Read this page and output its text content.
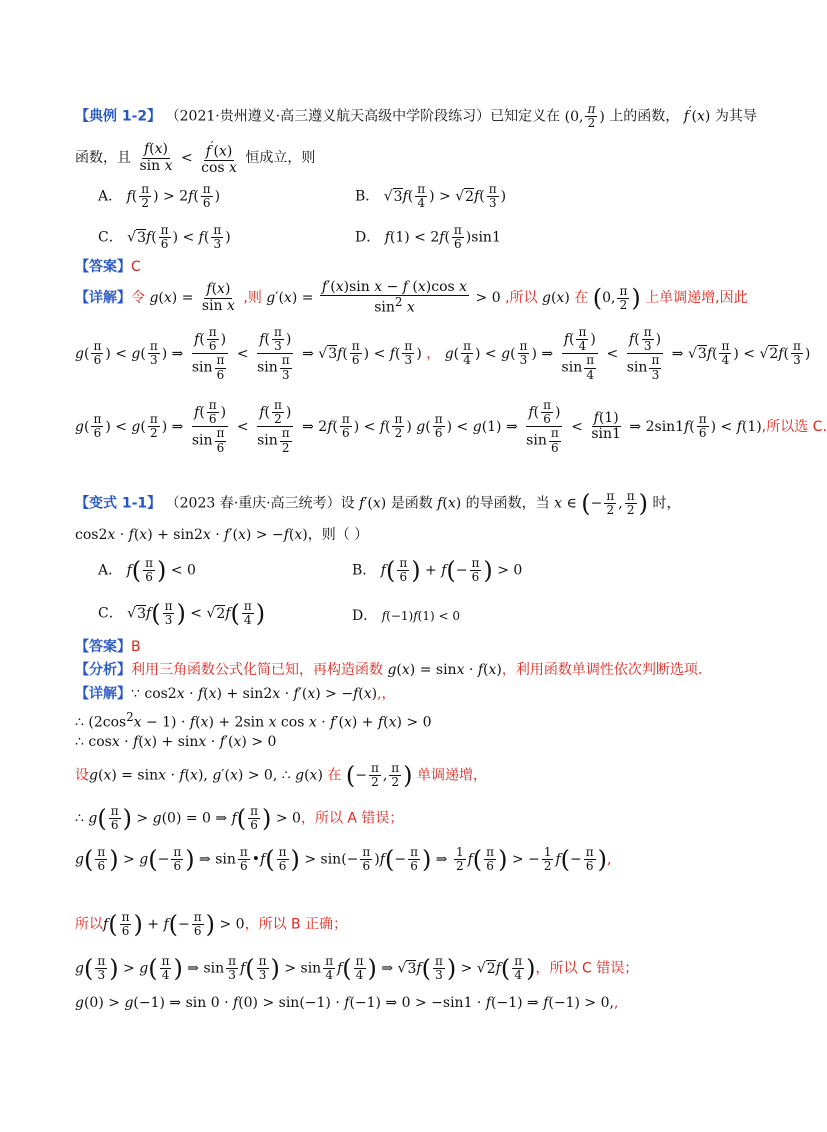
【典例 1-2】 （2021·贵州遵义·高三遵义航天高级中学阶段练习）已知定义在 (0, $\frac{\pi}{2}$ ) 上的函数， f′(x) 为其导
函数，且 $\frac{f(x)}{\text{sin x}} < \frac{f'(x)}{\text{cos x}}$ 恒成立，则
A． $f( \frac{\pi}{2}$ ) > $2f( \frac{\pi}{6}$ )	B． $√3f( \frac{\pi}{4}$ ) > $√2f( \frac{\pi}{3}$ )
C． $√3f( \frac{\pi}{6}$ ) < $f( \frac{\pi}{3}$ )	D． $f(1) < 2f( \frac{\pi}{6} )\sin 1$
【答案】C
【详解】令 $g(x) = \frac{f(x)}{\text{sin x}}$ ,则 $g'(x) = \frac{\text{f′(x)sin x − f (x)cos x}}{\sin^2 x} > 0$ ,所以 g(x) 在 (0, $\frac{\pi}{2}$ ) 上单调递增,因此
$g( \frac{\pi}{6}$ ) < $g( \frac{\pi}{3}$ ) ⇒ $\frac{f( \frac{\pi}{6} )}{\sin \frac{\pi}{6}} < \frac{f( \frac{\pi}{3} )}{\sin \frac{\pi}{3}}$ ⇒ $√3f( \frac{\pi}{6}$ ) < $f( \frac{\pi}{3}$ ) ， $g( \frac{\pi}{4}$ ) < $g( \frac{\pi}{3}$ ) ⇒ $\frac{f( \frac{\pi}{4} )}{\sin \frac{\pi}{4}} < \frac{f( \frac{\pi}{3} )}{\sin \frac{\pi}{3}}$ ⇒ $√3f( \frac{\pi}{4}$ ) < $√2f( \frac{\pi}{3}$ )
$g( \frac{\pi}{6}$ ) < $g( \frac{\pi}{2}$ ) ⇒ $\frac{f( \frac{\pi}{6} )}{\sin \frac{\pi}{6}} < \frac{f( \frac{\pi}{2} )}{\sin \frac{\pi}{2}}$ ⇒ $2f( \frac{\pi}{6}$ ) < $f( \frac{\pi}{2}$ ) $g( \frac{\pi}{6}$ ) < g(1) ⇒ $\frac{f( \frac{\pi}{6} )}{\sin \frac{\pi}{6}} < \frac{f(1)}{\sin 1}$ ⇒ $2\sin 1f( \frac{\pi}{6}$ ) < f(1),所以选 C.
【变式 1-1】 （2023 春·重庆·高三统考）设 f′(x) 是函数 f(x) 的导函数，当 x ∈ (− $\frac{\pi}{2}$ , $\frac{\pi}{2}$ ) 时，
cos2x · f(x) + sin2x · f′(x) > −f(x)，则（ ）
A． $f( \frac{\pi}{6}$ ) < 0	B． $f( \frac{\pi}{6}$ ) + $f(- \frac{\pi}{6}$ ) > 0
C． $√3f( \frac{\pi}{3}$ ) < $√2f( \frac{\pi}{4}$ )	D． f(−1)f(1) < 0
【答案】B
【分析】利用三角函数公式化简已知，再构造函数 g(x) = sinx · f(x)，利用函数单调性依次判断选项.
【详解】∵ cos2x · f(x) + sin2x · f′(x) > −f(x),，
∴ $(2\cos^2x - 1) \cdot f(x) + 2\sin$ x cos x · f′(x) + f(x) > 0
∴ cosx · f(x) + sinx · f′(x) > 0
设g(x) = sinx · f(x), g′(x) > 0, ∴ g(x) 在 (− $\frac{\pi}{2}$ , $\frac{\pi}{2}$ ) 单调递增，
∴ $g( \frac{\pi}{6}$ ) > g(0) = 0 ⇒ $f( \frac{\pi}{6}$ ) > 0，所以 A 错误；
$g( \frac{\pi}{6}$ ) > $g(- \frac{\pi}{6}$ ) ⇒ $\sin \frac{\pi}{6}$ •f( $\frac{\pi}{6}$ ) > $\sin(- \frac{\pi}{6} )f(- \frac{\pi}{6}$ ) ⇒ $\frac{1}{2} f( \frac{\pi}{6}$ ) > − $\frac{1}{2} f(- \frac{\pi}{6}$ ),
所以$f( \frac{\pi}{6}$ ) + $f(- \frac{\pi}{6}$ ) > 0，所以 B 正确；
$g( \frac{\pi}{3}$ ) > $g( \frac{\pi}{4}$ ) ⇒ $\sin \frac{\pi}{3} f( \frac{\pi}{3}$ ) > $\sin \frac{\pi}{4} f( \frac{\pi}{4}$ ) ⇒ $√3f( \frac{\pi}{3}$ ) > $√2f( \frac{\pi}{4}$ )，所以 C 错误；
g(0) > g(−1) ⇒ sin 0 · f(0) > sin(−1) · f(−1) ⇒ 0 > −sin1 · f(−1) ⇒ f(−1) > 0,,
